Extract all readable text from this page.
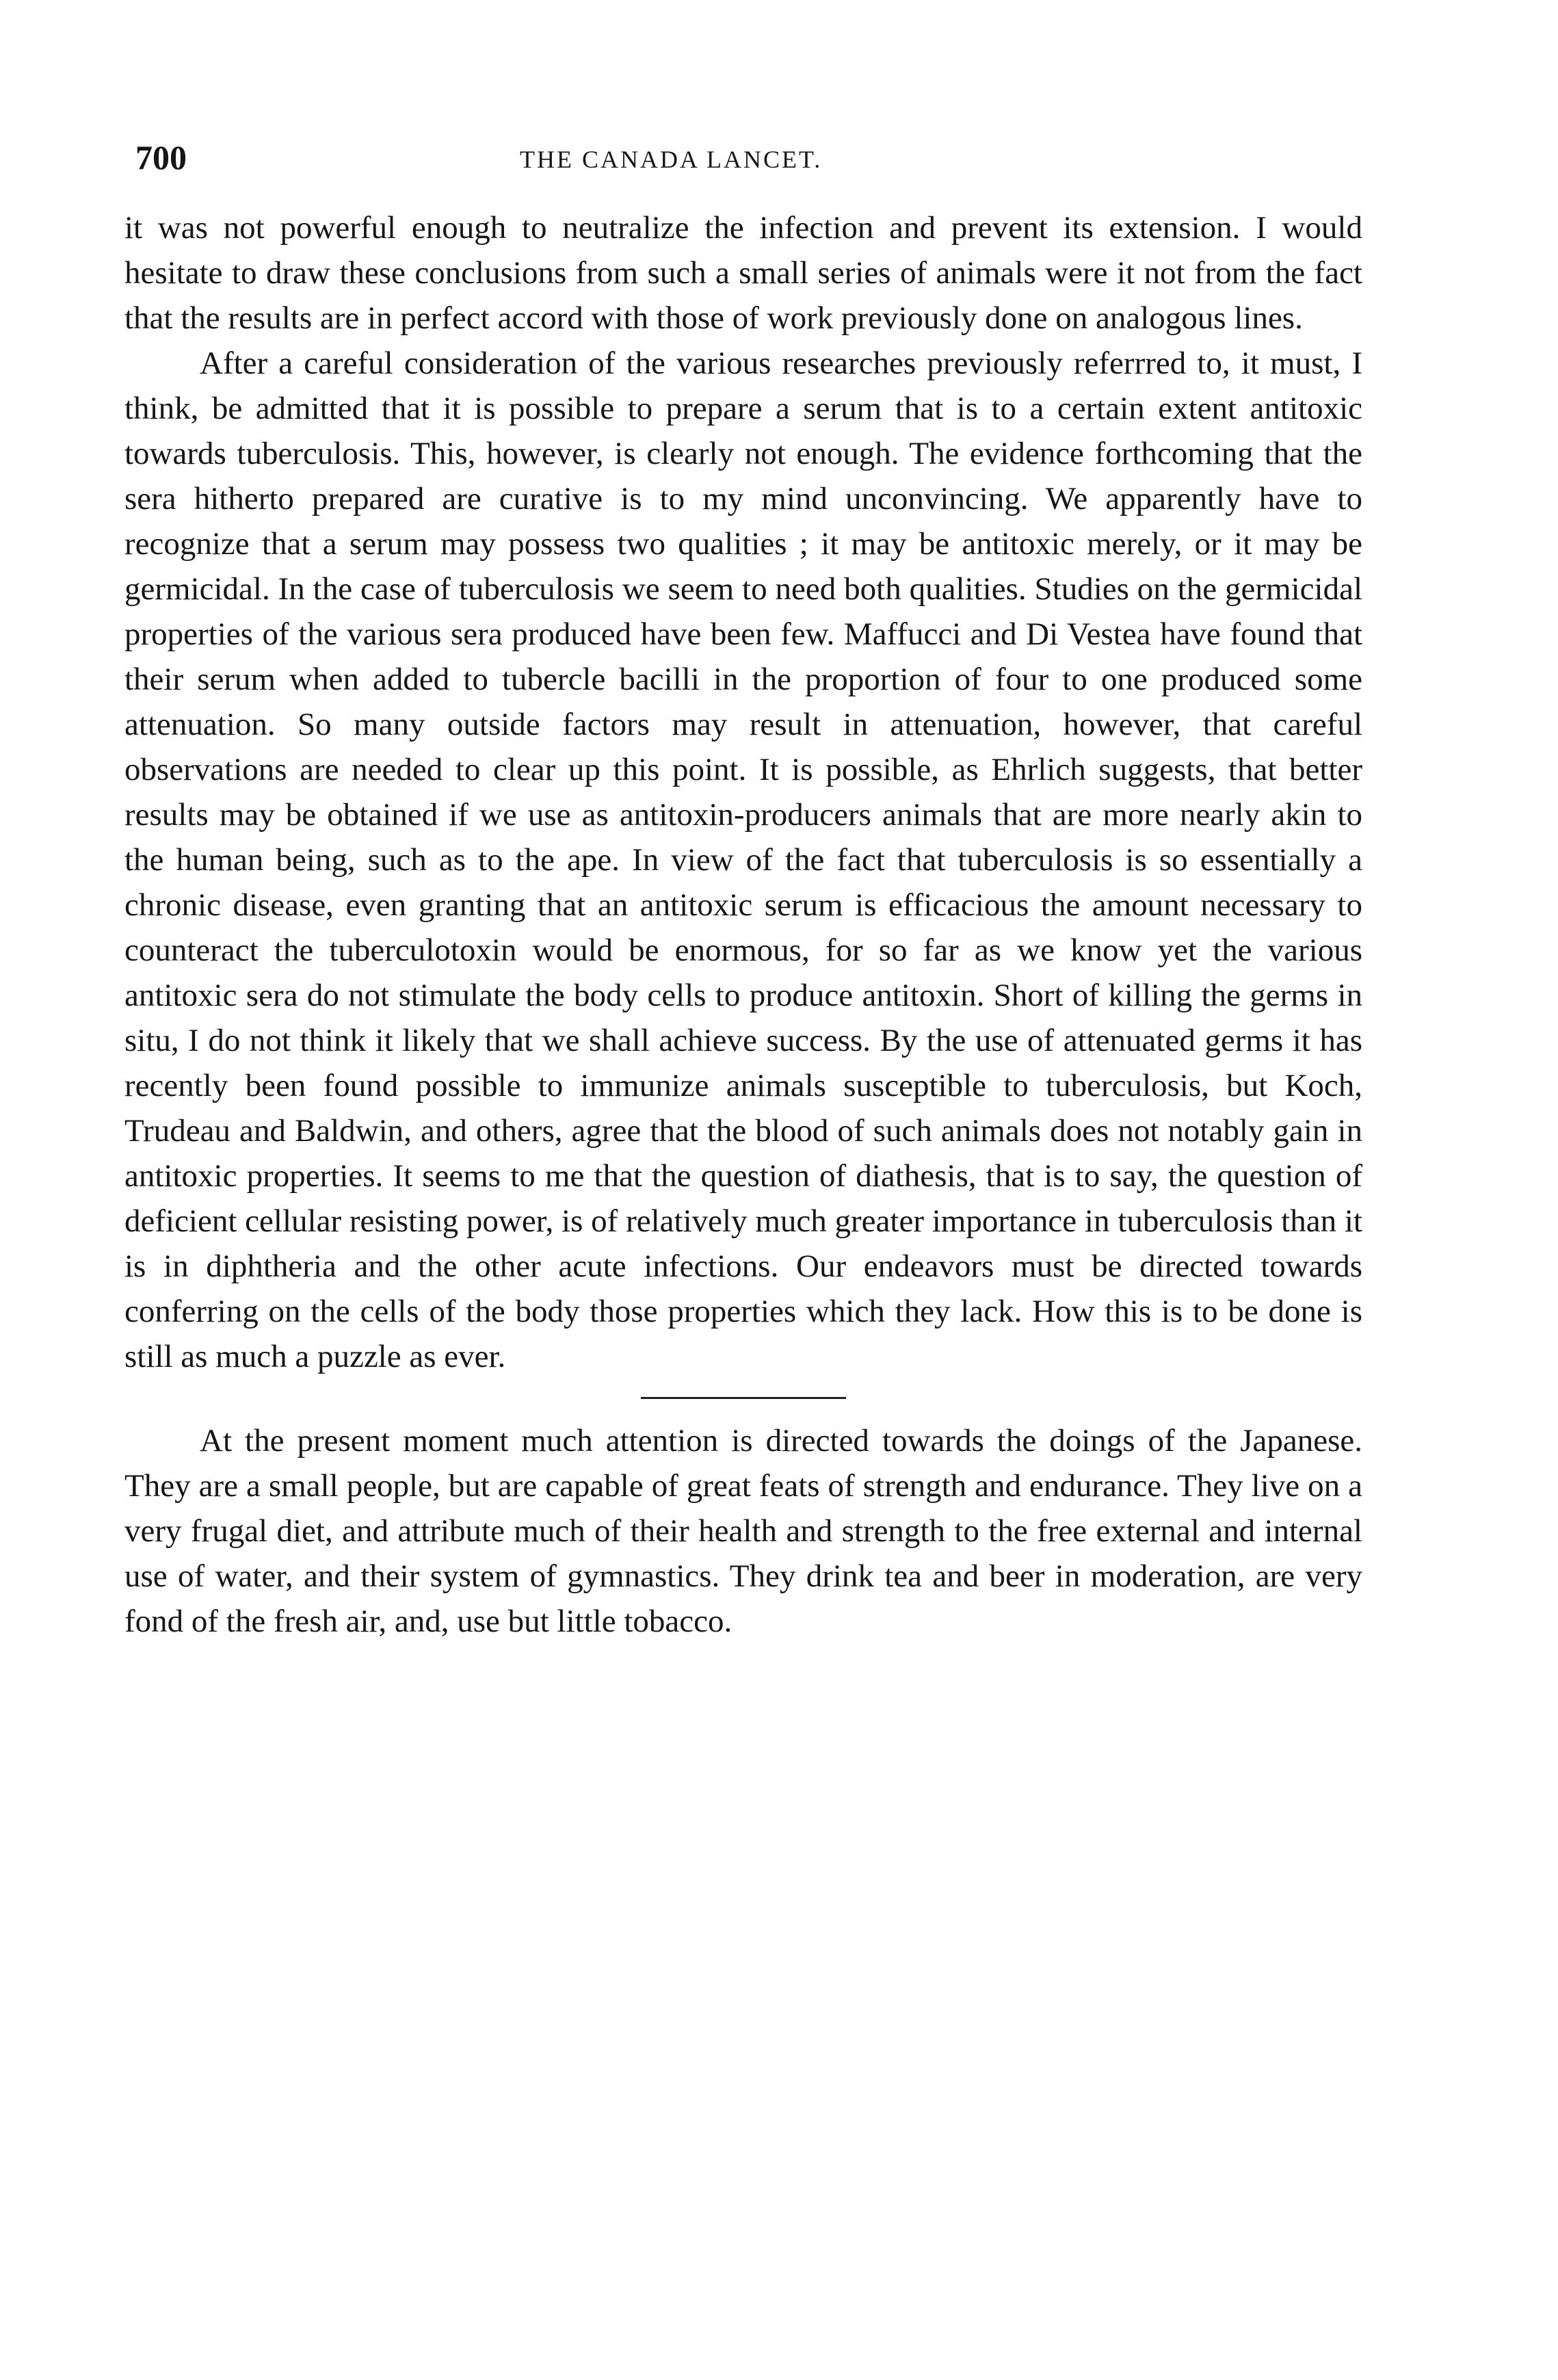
700	THE CANADA LANCET.

it was not powerful enough to neutralize the infection and prevent its extension. I would hesitate to draw these conclusions from such a small series of animals were it not from the fact that the results are in perfect accord with those of work previously done on analogous lines.

After a careful consideration of the various researches previously referrred to, it must, I think, be admitted that it is possible to prepare a serum that is to a certain extent antitoxic towards tuberculosis. This, however, is clearly not enough. The evidence forthcoming that the sera hitherto prepared are curative is to my mind unconvincing. We apparently have to recognize that a serum may possess two qualities ; it may be antitoxic merely, or it may be germicidal. In the case of tuberculosis we seem to need both qualities. Studies on the germicidal properties of the various sera produced have been few. Maffucci and Di Vestea have found that their serum when added to tubercle bacilli in the proportion of four to one produced some attenuation. So many outside factors may result in attenuation, however, that careful observations are needed to clear up this point. It is possible, as Ehrlich suggests, that better results may be obtained if we use as antitoxin-producers animals that are more nearly akin to the human being, such as to the ape. In view of the fact that tuberculosis is so essentially a chronic disease, even granting that an antitoxic serum is efficacious the amount necessary to counteract the tuberculotoxin would be enormous, for so far as we know yet the various antitoxic sera do not stimulate the body cells to produce antitoxin. Short of killing the germs in situ, I do not think it likely that we shall achieve success. By the use of attenuated germs it has recently been found possible to immunize animals susceptible to tuberculosis, but Koch, Trudeau and Baldwin, and others, agree that the blood of such animals does not notably gain in antitoxic properties. It seems to me that the question of diathesis, that is to say, the question of deficient cellular resisting power, is of relatively much greater importance in tuberculosis than it is in diphtheria and the other acute infections. Our endeavors must be directed towards conferring on the cells of the body those properties which they lack. How this is to be done is still as much a puzzle as ever.

At the present moment much attention is directed towards the doings of the Japanese. They are a small people, but are capable of great feats of strength and endurance. They live on a very frugal diet, and attribute much of their health and strength to the free external and internal use of water, and their system of gymnastics. They drink tea and beer in moderation, are very fond of the fresh air, and, use but little tobacco.
